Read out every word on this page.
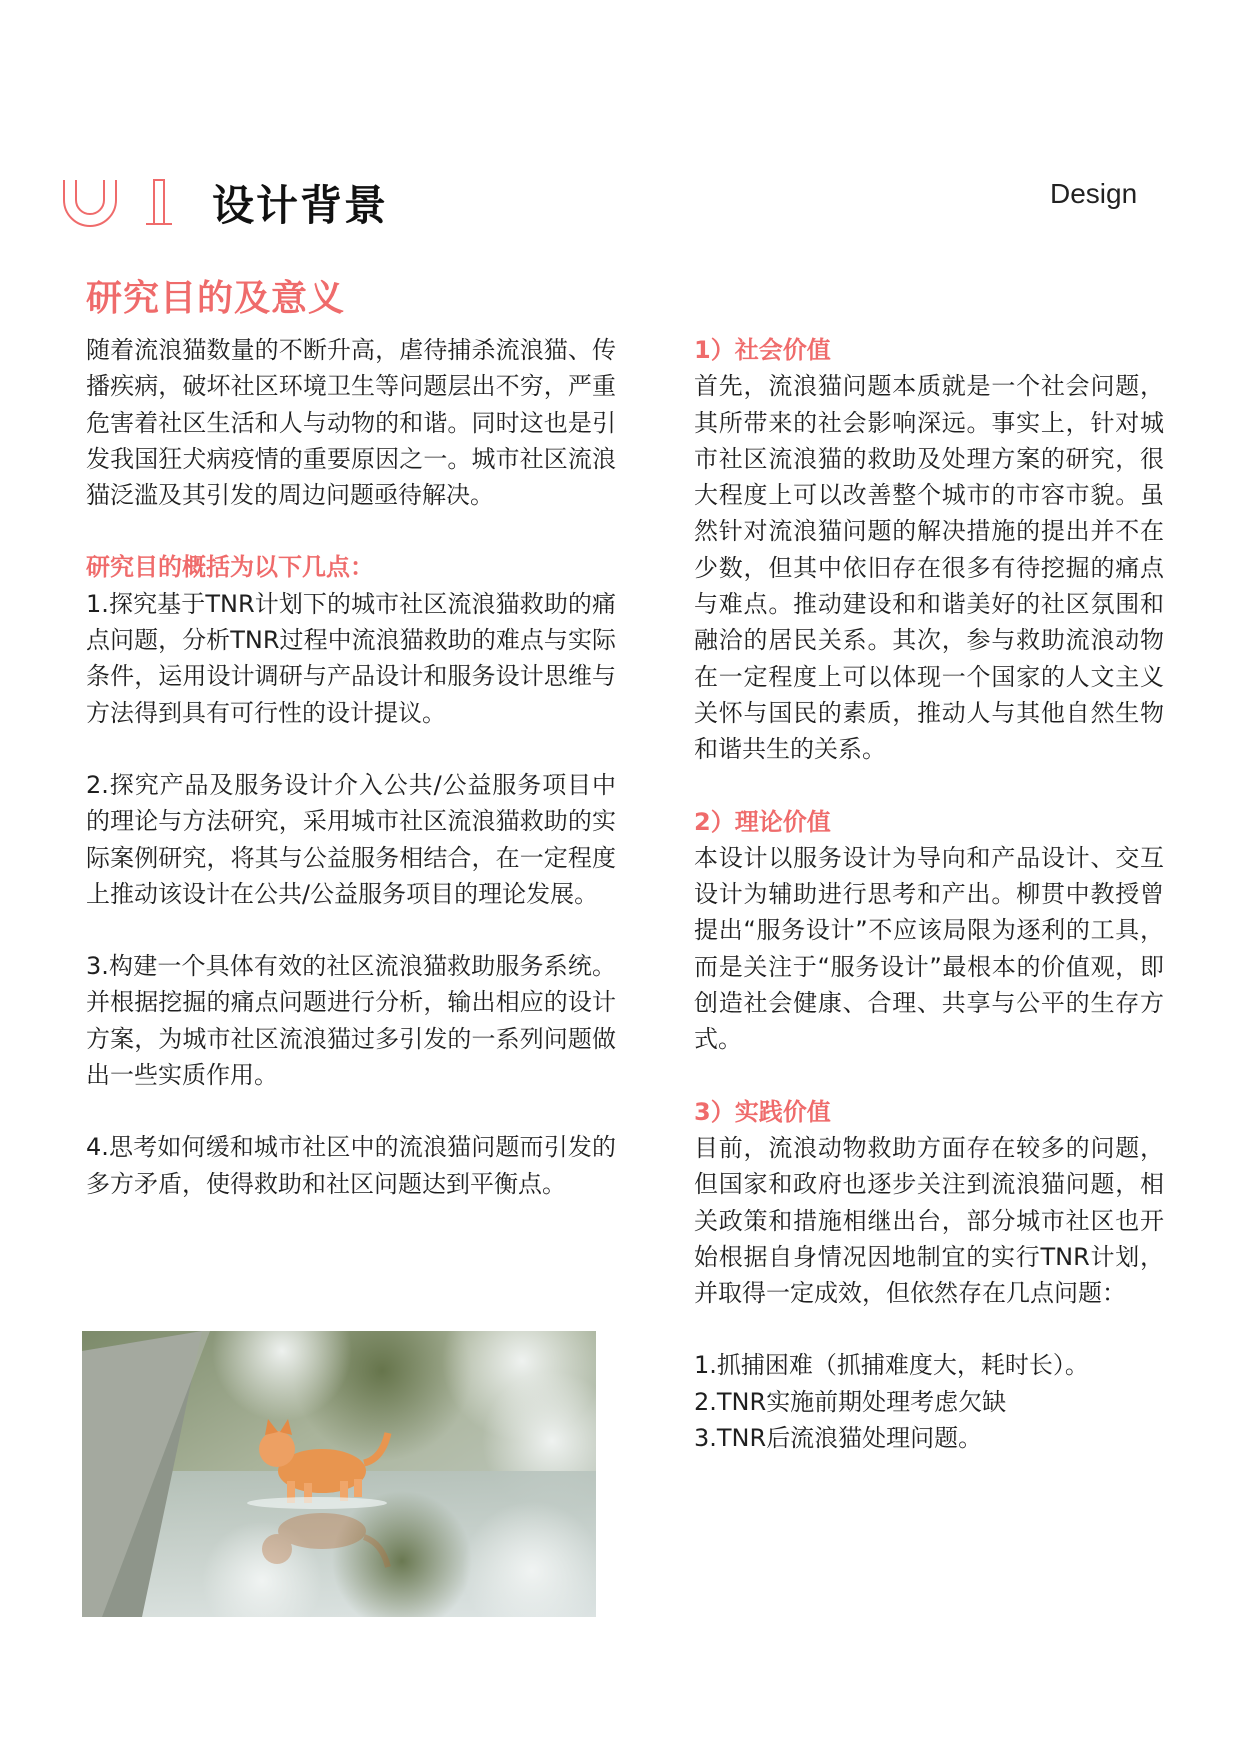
设计背景	Design
研究目的及意义

随着流浪猫数量的不断升高，虐待捕杀流浪猫、传播疾病，破坏社区环境卫生等问题层出不穷，严重危害着社区生活和人与动物的和谐。同时这也是引发我国狂犬病疫情的重要原因之一。城市社区流浪猫泛滥及其引发的周边问题亟待解决。

研究目的概括为以下几点：

1.探究基于TNR计划下的城市社区流浪猫救助的痛点问题，分析TNR过程中流浪猫救助的难点与实际条件，运用设计调研与产品设计和服务设计思维与方法得到具有可行性的设计提议。

2.探究产品及服务设计介入公共/公益服务项目中的理论与方法研究，采用城市社区流浪猫救助的实际案例研究，将其与公益服务相结合，在一定程度上推动该设计在公共/公益服务项目的理论发展。

3.构建一个具体有效的社区流浪猫救助服务系统。并根据挖掘的痛点问题进行分析，输出相应的设计方案，为城市社区流浪猫过多引发的一系列问题做出一些实质作用。

4.思考如何缓和城市社区中的流浪猫问题而引发的多方矛盾，使得救助和社区问题达到平衡点。

1）社会价值

首先，流浪猫问题本质就是一个社会问题，其所带来的社会影响深远。事实上，针对城市社区流浪猫的救助及处理方案的研究，很大程度上可以改善整个城市的市容市貌。虽然针对流浪猫问题的解决措施的提出并不在少数，但其中依旧存在很多有待挖掘的痛点与难点。推动建设和和谐美好的社区氛围和融洽的居民关系。其次，参与救助流浪动物在一定程度上可以体现一个国家的人文主义关怀与国民的素质，推动人与其他自然生物和谐共生的关系。

2）理论价值

本设计以服务设计为导向和产品设计、交互设计为辅助进行思考和产出。柳贯中教授曾提出“服务设计”不应该局限为逐利的工具，而是关注于“服务设计”最根本的价值观，即创造社会健康、合理、共享与公平的生存方式。

3）实践价值

目前，流浪动物救助方面存在较多的问题，但国家和政府也逐步关注到流浪猫问题，相关政策和措施相继出台，部分城市社区也开始根据自身情况因地制宜的实行TNR计划，并取得一定成效，但依然存在几点问题：

1.抓捕困难（抓捕难度大，耗时长）。

2.TNR实施前期处理考虑欠缺

3.TNR后流浪猫处理问题。
